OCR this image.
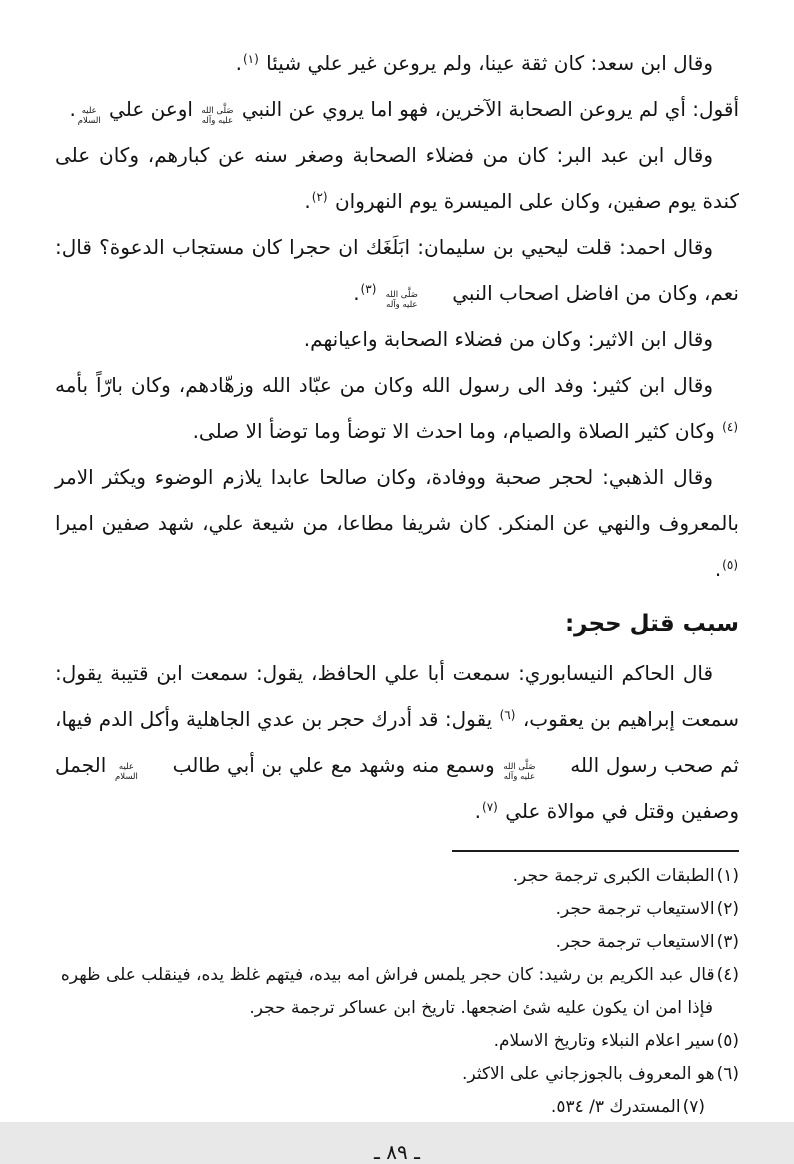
وقال ابن سعد: كان ثقة عينا، ولم يروعن غير علي شيئا $^{(١)}$.

أقول: أي لم يروعن الصحابة الآخرين، فهو اما يروي عن النبي
صَلَّى الله
عليه وآله
اوعن علي
عليه
السلام
.

وقال ابن عبد البر: كان من فضلاء الصحابة وصغر سنه عن كبارهم، وكان على كندة يوم صفين، وكان على الميسرة يوم النهروان $^{(٢)}$.

وقال احمد: قلت ليحيي بن سليمان: ابَلَغَك ان حجرا كان مستجاب الدعوة؟ قال: نعم، وكان من افاضل اصحاب النبي
صَلَّى الله
عليه وآله
$^{(٣)}$.

وقال ابن الاثير: وكان من فضلاء الصحابة واعيانهم.

وقال ابن كثير: وفد الى رسول الله وكان من عبّاد الله وزهّادهم، وكان بارّاً بأمه $^{(٤)}$ وكان كثير الصلاة والصيام، وما احدث الا توضأ وما توضأ الا صلى.

وقال الذهبي: لحجر صحبة ووفادة، وكان صالحا عابدا يلازم الوضوء ويكثر الامر بالمعروف والنهي عن المنكر. كان شريفا مطاعا، من شيعة علي، شهد صفين اميرا $^{(٥)}$.

سبب قتل حجر:

قال الحاكم النيسابوري: سمعت أبا علي الحافظ، يقول: سمعت ابن قتيبة يقول: سمعت إبراهيم بن يعقوب، $^{(٦)}$ يقول: قد أدرك حجر بن عدي الجاهلية وأكل الدم فيها، ثم صحب رسول الله
صَلَّى الله
عليه وآله
وسمع منه وشهد مع علي بن أبي طالب
عليه
السلام
الجمل وصفين وقتل في موالاة علي $^{(٧)}$.

(١)الطبقات الكبرى ترجمة حجر.

(٢)الاستيعاب ترجمة حجر.

(٣)الاستيعاب ترجمة حجر.

(٤)قال عبد الكريم بن رشيد: كان حجر يلمس فراش امه بيده، فيتهم غلظ يده، فينقلب على ظهره فإذا امن ان يكون عليه شئ اضجعها. تاريخ ابن عساكر ترجمة حجر.

(٥)سير اعلام النبلاء وتاريخ الاسلام.

(٦)هو المعروف بالجوزجاني على الاكثر.

(٧)المستدرك ٣/ ٥٣٤.

ـ ٨٩ ـ
